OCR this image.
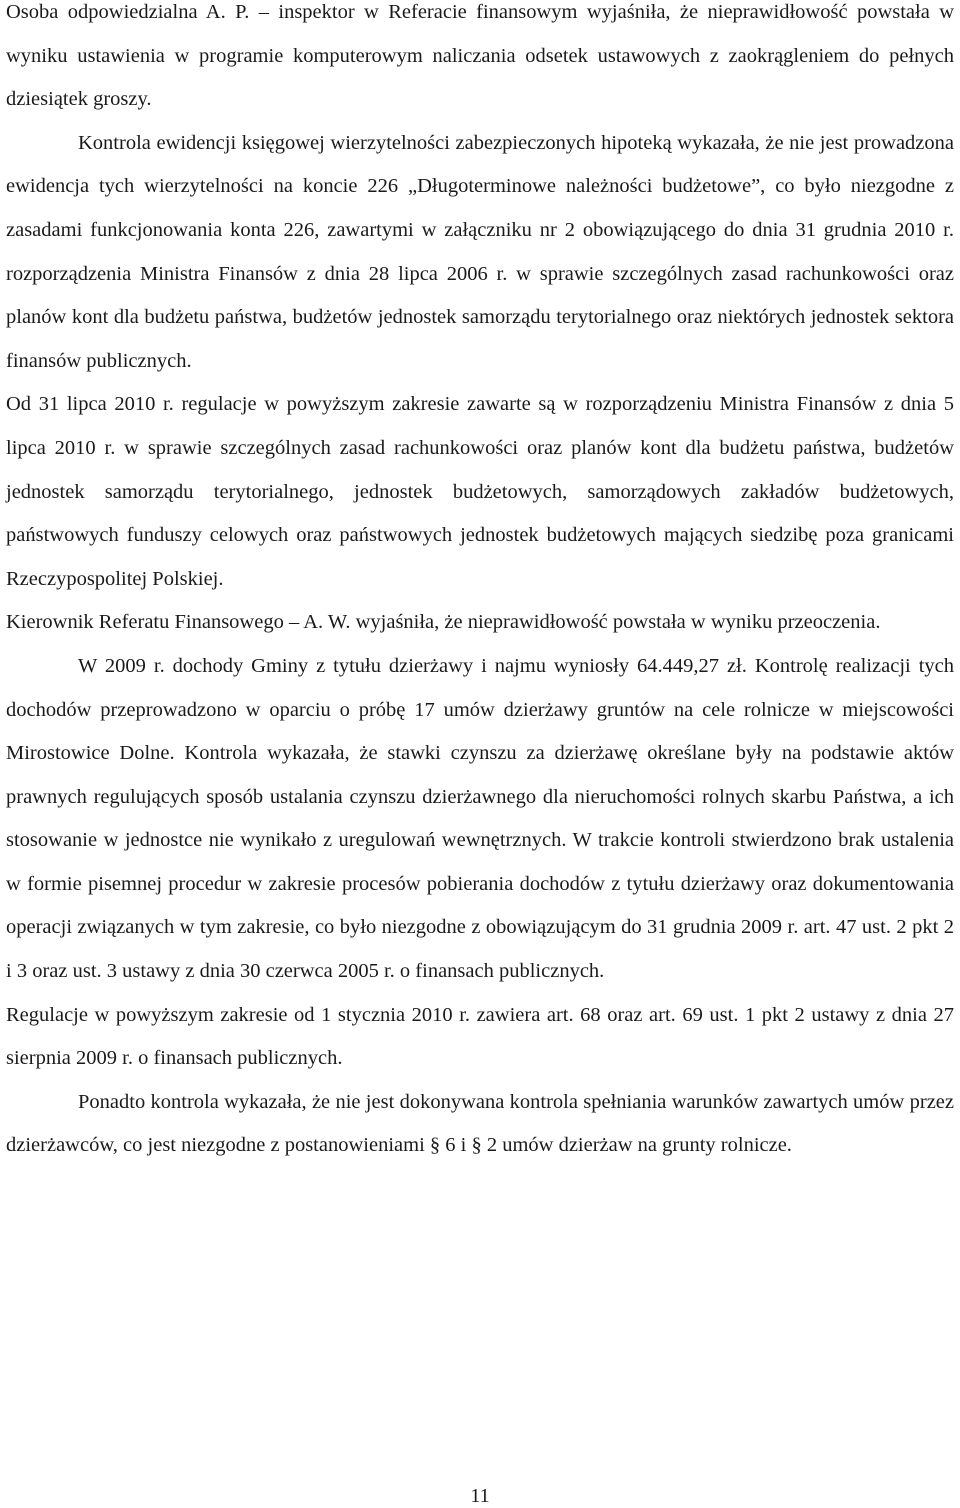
Osoba odpowiedzialna A. P. – inspektor w Referacie finansowym wyjaśniła, że nieprawidłowość powstała w wyniku ustawienia w programie komputerowym naliczania odsetek ustawowych z zaokrągleniem do pełnych dziesiątek groszy.

Kontrola ewidencji księgowej wierzytelności zabezpieczonych hipoteką wykazała, że nie jest prowadzona ewidencja tych wierzytelności na koncie 226 „Długoterminowe należności budżetowe”, co było niezgodne z zasadami funkcjonowania konta 226, zawartymi w załączniku nr 2 obowiązującego do dnia 31 grudnia 2010 r. rozporządzenia Ministra Finansów z dnia 28 lipca 2006 r. w sprawie szczególnych zasad rachunkowości oraz planów kont dla budżetu państwa, budżetów jednostek samorządu terytorialnego oraz niektórych jednostek sektora finansów publicznych.

Od 31 lipca 2010 r. regulacje w powyższym zakresie zawarte są w rozporządzeniu Ministra Finansów z dnia 5 lipca 2010 r. w sprawie szczególnych zasad rachunkowości oraz planów kont dla budżetu państwa, budżetów jednostek samorządu terytorialnego, jednostek budżetowych, samorządowych zakładów budżetowych, państwowych funduszy celowych oraz państwowych jednostek budżetowych mających siedzibę poza granicami Rzeczypospolitej Polskiej.

Kierownik Referatu Finansowego – A. W. wyjaśniła, że nieprawidłowość powstała w wyniku przeoczenia.

W 2009 r. dochody Gminy z tytułu dzierżawy i najmu wyniosły 64.449,27 zł. Kontrolę realizacji tych dochodów przeprowadzono w oparciu o próbę 17 umów dzierżawy gruntów na cele rolnicze w miejscowości Mirostowice Dolne. Kontrola wykazała, że stawki czynszu za dzierżawę określane były na podstawie aktów prawnych regulujących sposób ustalania czynszu dzierżawnego dla nieruchomości rolnych skarbu Państwa, a ich stosowanie w jednostce nie wynikało z uregulowań wewnętrznych. W trakcie kontroli stwierdzono brak ustalenia w formie pisemnej procedur w zakresie procesów pobierania dochodów z tytułu dzierżawy oraz dokumentowania operacji związanych w tym zakresie, co było niezgodne z obowiązującym do 31 grudnia 2009 r. art. 47 ust. 2 pkt 2 i 3 oraz ust. 3 ustawy z dnia 30 czerwca 2005 r. o finansach publicznych.

Regulacje w powyższym zakresie od 1 stycznia 2010 r. zawiera art. 68 oraz art. 69 ust. 1 pkt 2 ustawy z dnia 27 sierpnia 2009 r. o finansach publicznych.

Ponadto kontrola wykazała, że nie jest dokonywana kontrola spełniania warunków zawartych umów przez dzierżawców, co jest niezgodne z postanowieniami § 6 i § 2 umów dzierżaw na grunty rolnicze.

11
